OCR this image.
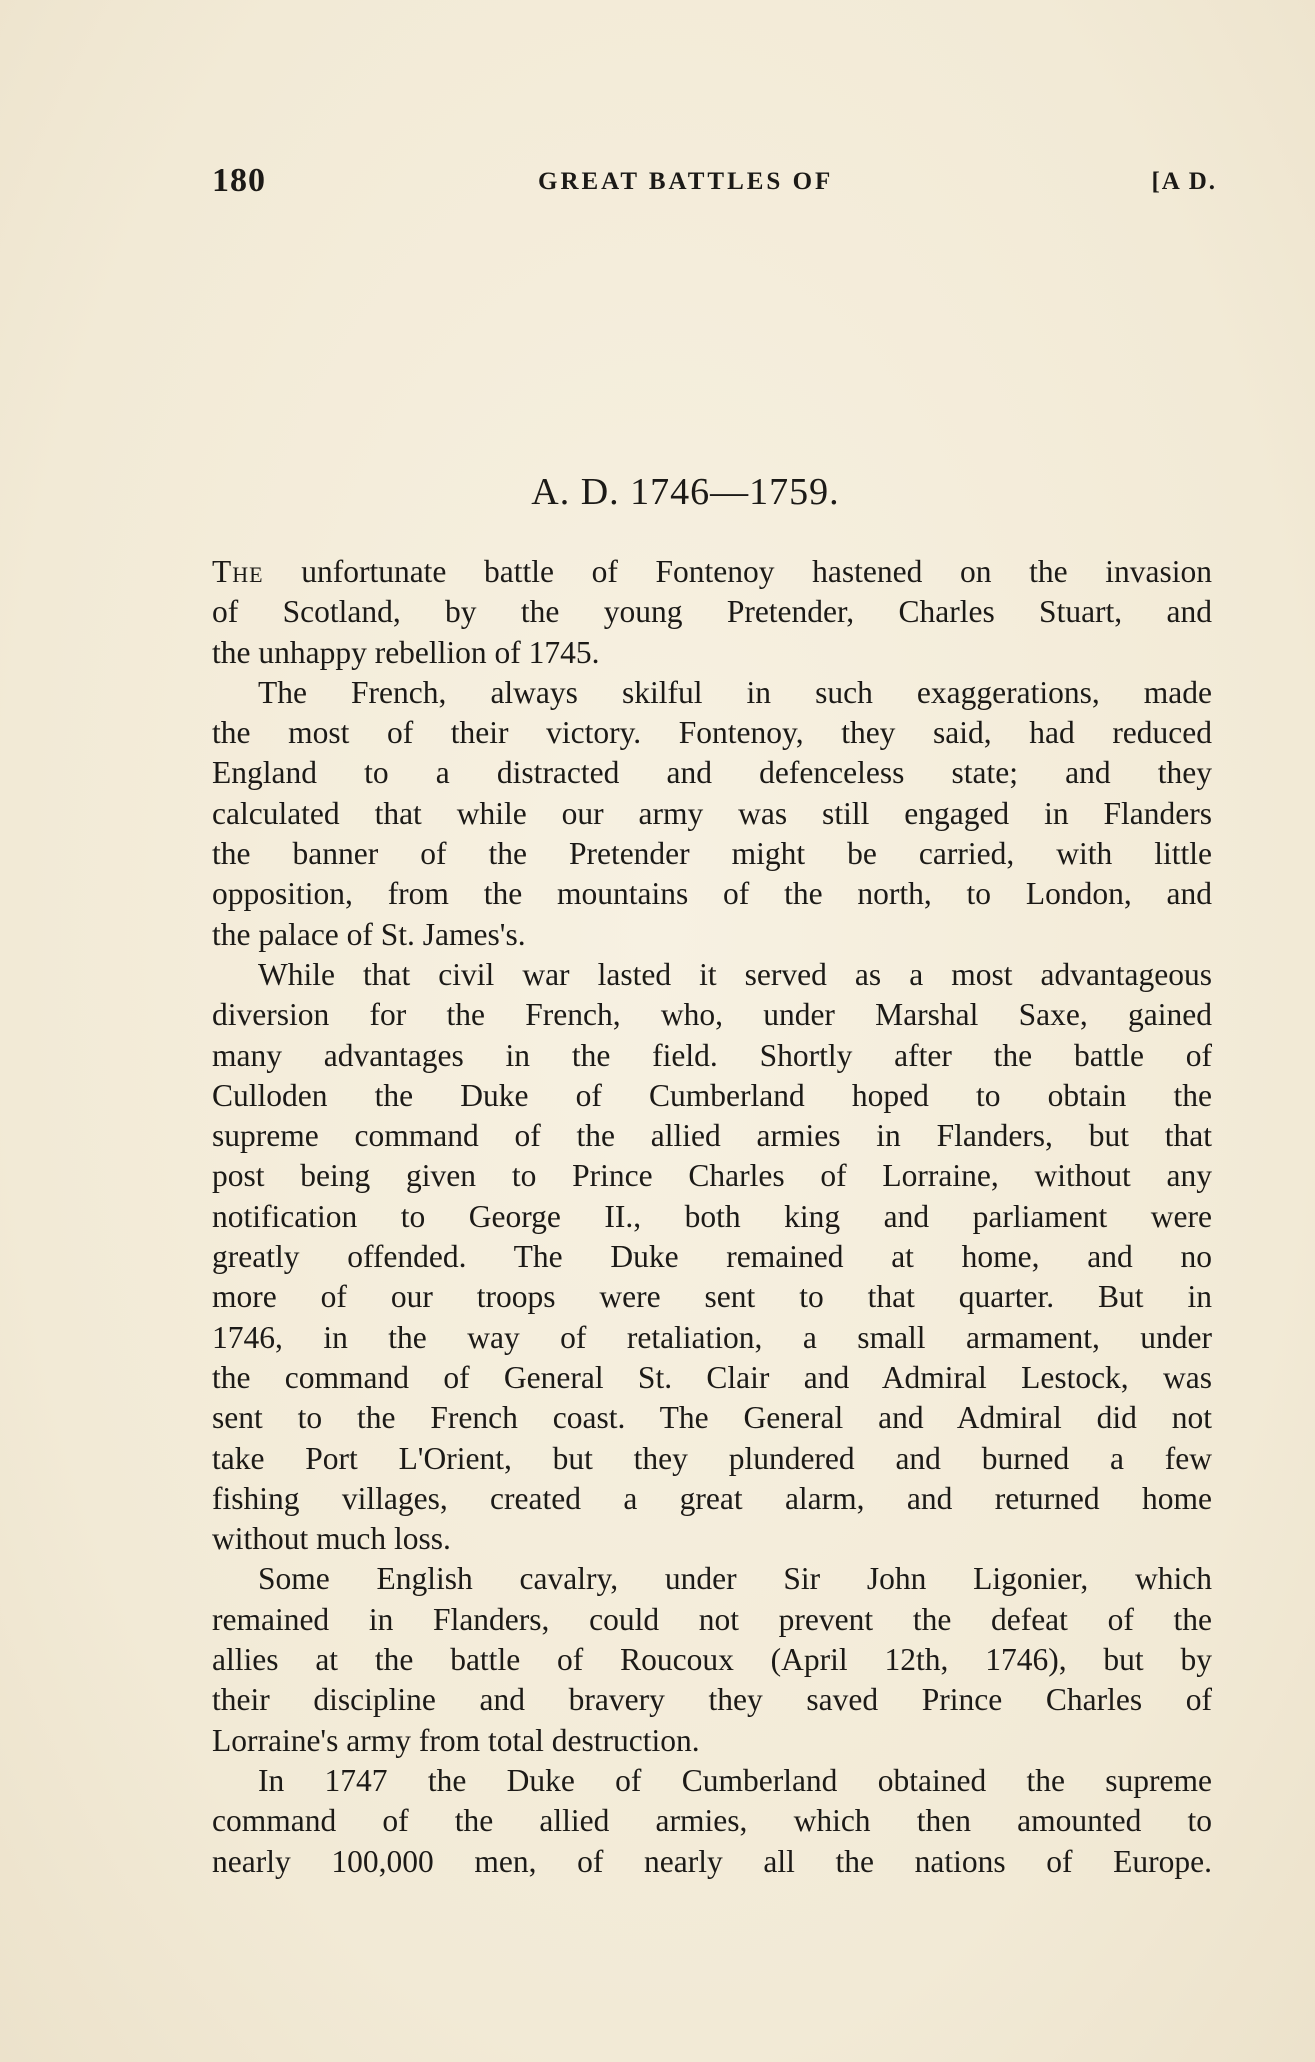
180	GREAT BATTLES OF	[A D.
A. D. 1746—1759.
The unfortunate battle of Fontenoy hastened on the invasion
of Scotland, by the young Pretender, Charles Stuart, and
the unhappy rebellion of 1745.
The French, always skilful in such exaggerations, made
the most of their victory. Fontenoy, they said, had reduced
England to a distracted and defenceless state; and they
calculated that while our army was still engaged in Flanders
the banner of the Pretender might be carried, with little
opposition, from the mountains of the north, to London, and
the palace of St. James's.
While that civil war lasted it served as a most advantageous
diversion for the French, who, under Marshal Saxe, gained
many advantages in the field. Shortly after the battle of
Culloden the Duke of Cumberland hoped to obtain the
supreme command of the allied armies in Flanders, but that
post being given to Prince Charles of Lorraine, without any
notification to George II., both king and parliament were
greatly offended. The Duke remained at home, and no
more of our troops were sent to that quarter. But in
1746, in the way of retaliation, a small armament, under
the command of General St. Clair and Admiral Lestock, was
sent to the French coast. The General and Admiral did not
take Port L'Orient, but they plundered and burned a few
fishing villages, created a great alarm, and returned home
without much loss.
Some English cavalry, under Sir John Ligonier, which
remained in Flanders, could not prevent the defeat of the
allies at the battle of Roucoux (April 12th, 1746), but by
their discipline and bravery they saved Prince Charles of
Lorraine's army from total destruction.
In 1747 the Duke of Cumberland obtained the supreme
command of the allied armies, which then amounted to
nearly 100,000 men, of nearly all the nations of Europe.
